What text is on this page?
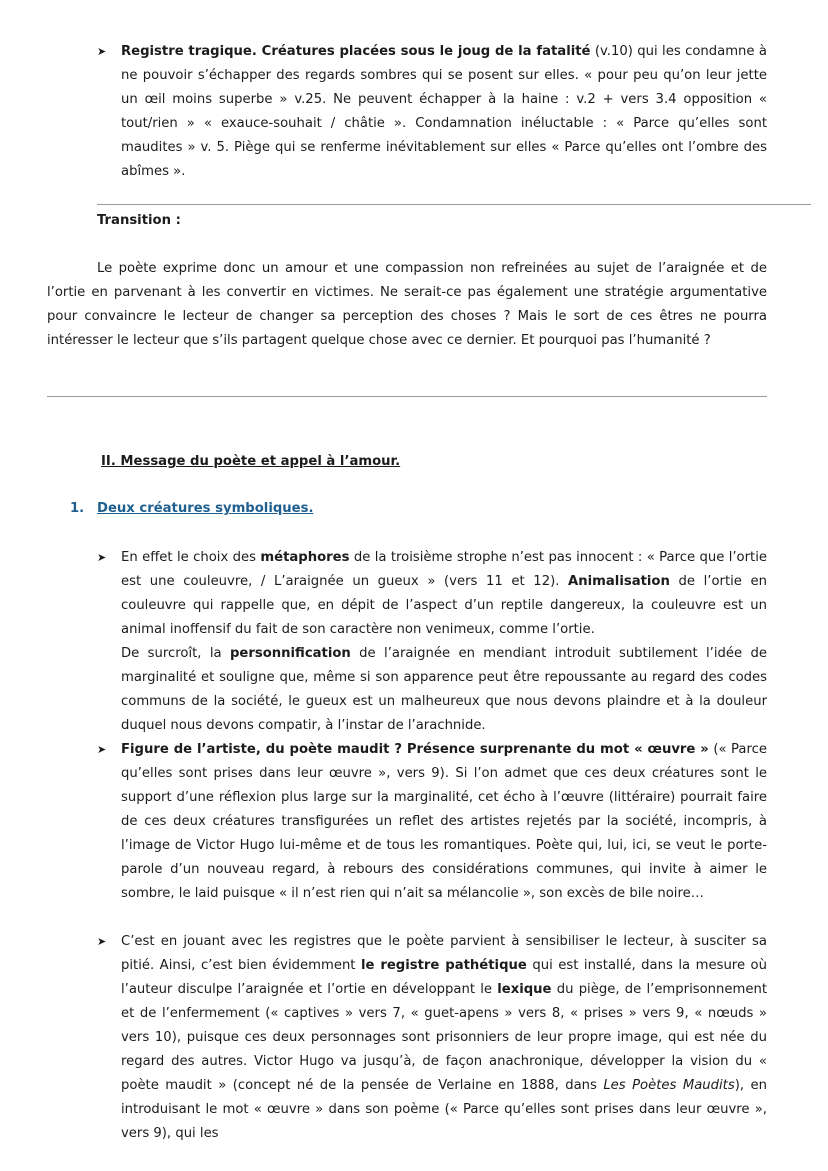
➤ Registre tragique. Créatures placées sous le joug de la fatalité (v.10) qui les condamne à ne pouvoir s’échapper des regards sombres qui se posent sur elles. « pour peu qu’on leur jette un œil moins superbe » v.25. Ne peuvent échapper à la haine : v.2 + vers 3.4 opposition « tout/rien » « exauce-souhait / châtie ». Condamnation inéluctable : « Parce qu’elles sont maudites » v. 5. Piège qui se renferme inévitablement sur elles « Parce qu’elles ont l’ombre des abîmes ».
Transition :
Le poète exprime donc un amour et une compassion non refreinées au sujet de l’araignée et de l’ortie en parvenant à les convertir en victimes. Ne serait-ce pas également une stratégie argumentative pour convaincre le lecteur de changer sa perception des choses ? Mais le sort de ces êtres ne pourra intéresser le lecteur que s’ils partagent quelque chose avec ce dernier. Et pourquoi pas l’humanité ?
II. Message du poète et appel à l’amour.
1. Deux créatures symboliques.
➤ En effet le choix des métaphores de la troisième strophe n’est pas innocent : « Parce que l’ortie est une couleuvre, / L’araignée un gueux » (vers 11 et 12). Animalisation de l’ortie en couleuvre qui rappelle que, en dépit de l’aspect d’un reptile dangereux, la couleuvre est un animal inoffensif du fait de son caractère non venimeux, comme l’ortie.
De surcroît, la personnification de l’araignée en mendiant introduit subtilement l’idée de marginalité et souligne que, même si son apparence peut être repoussante au regard des codes communs de la société, le gueux est un malheureux que nous devons plaindre et à la douleur duquel nous devons compatir, à l’instar de l’arachnide.
➤ Figure de l’artiste, du poète maudit ? Présence surprenante du mot « œuvre » (« Parce qu’elles sont prises dans leur œuvre », vers 9). Si l’on admet que ces deux créatures sont le support d’une réflexion plus large sur la marginalité, cet écho à l’œuvre (littéraire) pourrait faire de ces deux créatures transfigurées un reflet des artistes rejetés par la société, incompris, à l’image de Victor Hugo lui-même et de tous les romantiques. Poète qui, lui, ici, se veut le porte-parole d’un nouveau regard, à rebours des considérations communes, qui invite à aimer le sombre, le laid puisque « il n’est rien qui n’ait sa mélancolie », son excès de bile noire…
➤ C’est en jouant avec les registres que le poète parvient à sensibiliser le lecteur, à susciter sa pitié. Ainsi, c’est bien évidemment le registre pathétique qui est installé, dans la mesure où l’auteur disculpe l’araignée et l’ortie en développant le lexique du piège, de l’emprisonnement et de l’enfermement (« captives » vers 7, « guet-apens » vers 8, « prises » vers 9, « nœuds » vers 10), puisque ces deux personnages sont prisonniers de leur propre image, qui est née du regard des autres. Victor Hugo va jusqu’à, de façon anachronique, développer la vision du « poète maudit » (concept né de la pensée de Verlaine en 1888, dans Les Poètes Maudits), en introduisant le mot « œuvre » dans son poème (« Parce qu’elles sont prises dans leur œuvre », vers 9), qui les
